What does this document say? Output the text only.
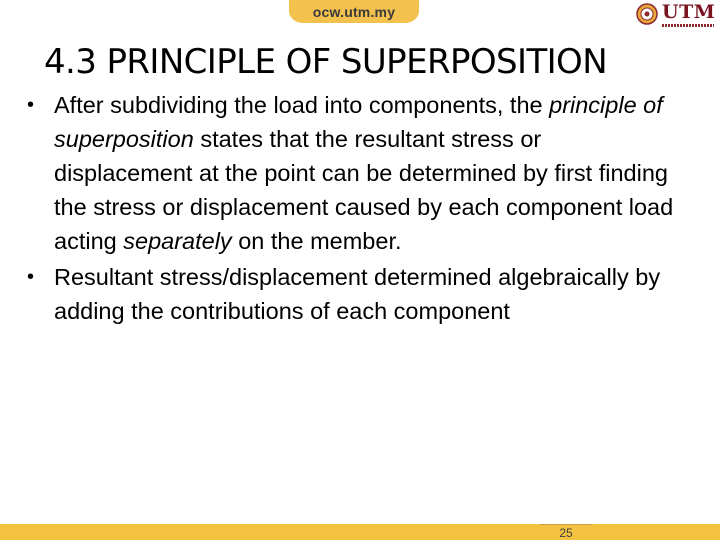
ocw.utm.my	UTM
4.3 PRINCIPLE OF SUPERPOSITION
• After subdividing the load into components, the principle of superposition states that the resultant stress or displacement at the point can be determined by first finding the stress or displacement caused by each component load acting separately on the member.
• Resultant stress/displacement determined algebraically by adding the contributions of each component
25
